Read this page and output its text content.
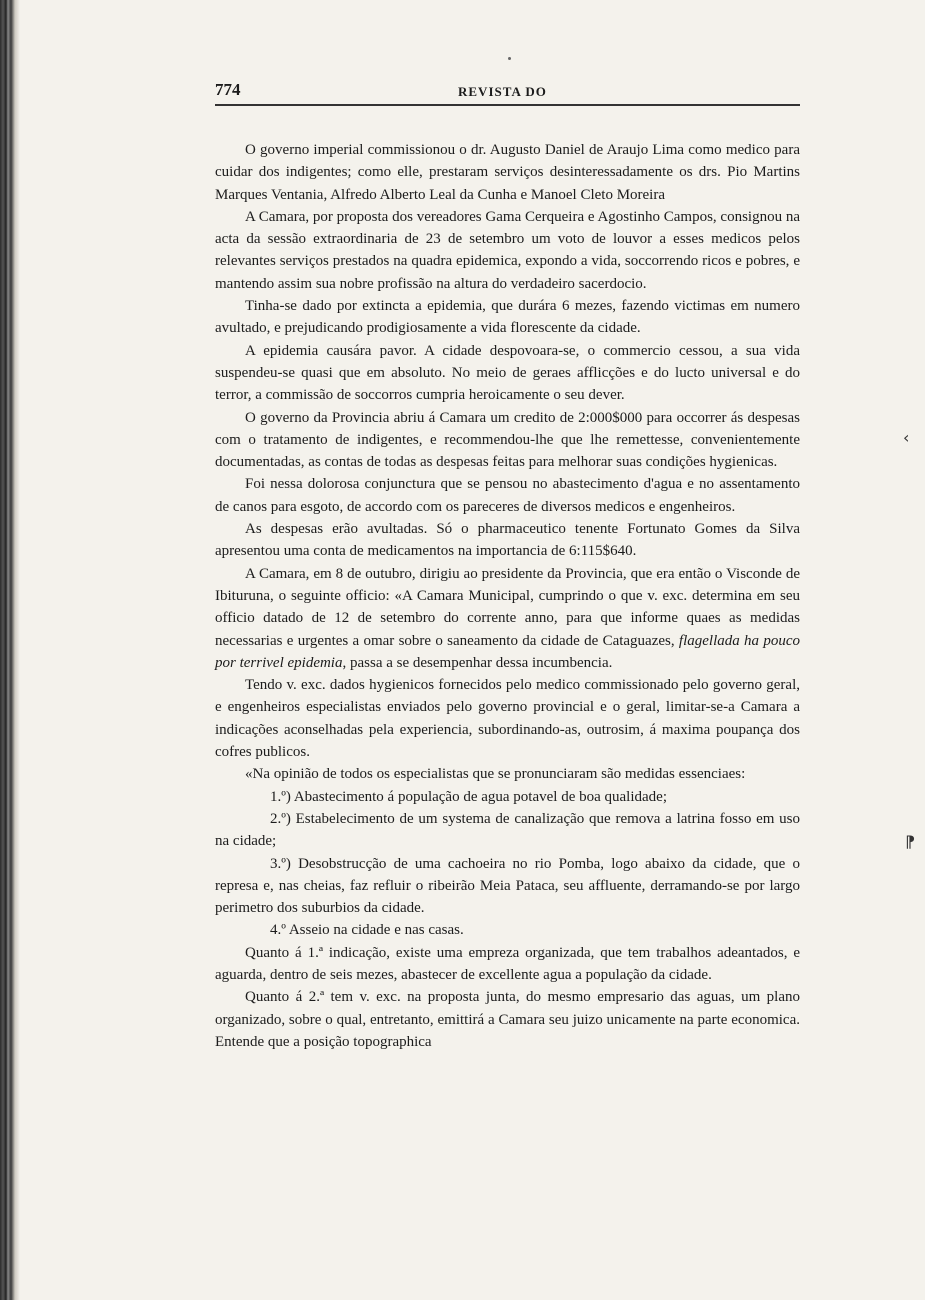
‹
⁋
774	REVISTA DO

O governo imperial commissionou o dr. Augusto Daniel de Araujo Lima como medico para cuidar dos indigentes; como elle, prestaram serviços desinteressadamente os drs. Pio Martins Marques Ventania, Alfredo Alberto Leal da Cunha e Manoel Cleto Moreira

A Camara, por proposta dos vereadores Gama Cerqueira e Agostinho Campos, consignou na acta da sessão extraordinaria de 23 de setembro um voto de louvor a esses medicos pelos relevantes serviços prestados na quadra epidemica, expondo a vida, soccorrendo ricos e pobres, e mantendo assim sua nobre profissão na altura do verdadeiro sacerdocio.

Tinha-se dado por extincta a epidemia, que durára 6 mezes, fazendo victimas em numero avultado, e prejudicando prodigiosamente a vida florescente da cidade.

A epidemia causára pavor. A cidade despovoara-se, o commercio cessou, a sua vida suspendeu-se quasi que em absoluto. No meio de geraes afflicções e do lucto universal e do terror, a commissão de soccorros cumpria heroicamente o seu dever.

O governo da Provincia abriu á Camara um credito de 2:000$000 para occorrer ás despesas com o tratamento de indigentes, e recommendou-lhe que lhe remettesse, convenientemente documentadas, as contas de todas as despesas feitas para melhorar suas condições hygienicas.

Foi nessa dolorosa conjunctura que se pensou no abastecimento d'agua e no assentamento de canos para esgoto, de accordo com os pareceres de diversos medicos e engenheiros.

As despesas erão avultadas. Só o pharmaceutico tenente Fortunato Gomes da Silva apresentou uma conta de medicamentos na importancia de 6:115$640.

A Camara, em 8 de outubro, dirigiu ao presidente da Provincia, que era então o Visconde de Ibituruna, o seguinte officio: «A Camara Municipal, cumprindo o que v. exc. determina em seu officio datado de 12 de setembro do corrente anno, para que informe quaes as medidas necessarias e urgentes a omar sobre o saneamento da cidade de Cataguazes, flagellada ha pouco por terrivel epidemia, passa a se desempenhar dessa incumbencia.

Tendo v. exc. dados hygienicos fornecidos pelo medico commissionado pelo governo geral, e engenheiros especialistas enviados pelo governo provincial e o geral, limitar-se-a Camara a indicações aconselhadas pela experiencia, subordinando-as, outrosim, á maxima poupança dos cofres publicos.

«Na opinião de todos os especialistas que se pronunciaram são medidas essenciaes:

1.º) Abastecimento á população de agua potavel de boa qualidade;

2.º) Estabelecimento de um systema de canalização que remova a latrina fosso em uso na cidade;

3.º) Desobstrucção de uma cachoeira no rio Pomba, logo abaixo da cidade, que o represa e, nas cheias, faz refluir o ribeirão Meia Pataca, seu affluente, derramando-se por largo perimetro dos suburbios da cidade.

4.º Asseio na cidade e nas casas.

Quanto á 1.ª indicação, existe uma empreza organizada, que tem trabalhos adeantados, e aguarda, dentro de seis mezes, abastecer de excellente agua a população da cidade.

Quanto á 2.ª tem v. exc. na proposta junta, do mesmo empresario das aguas, um plano organizado, sobre o qual, entretanto, emittirá a Camara seu juizo unicamente na parte economica. Entende que a posição topographica
